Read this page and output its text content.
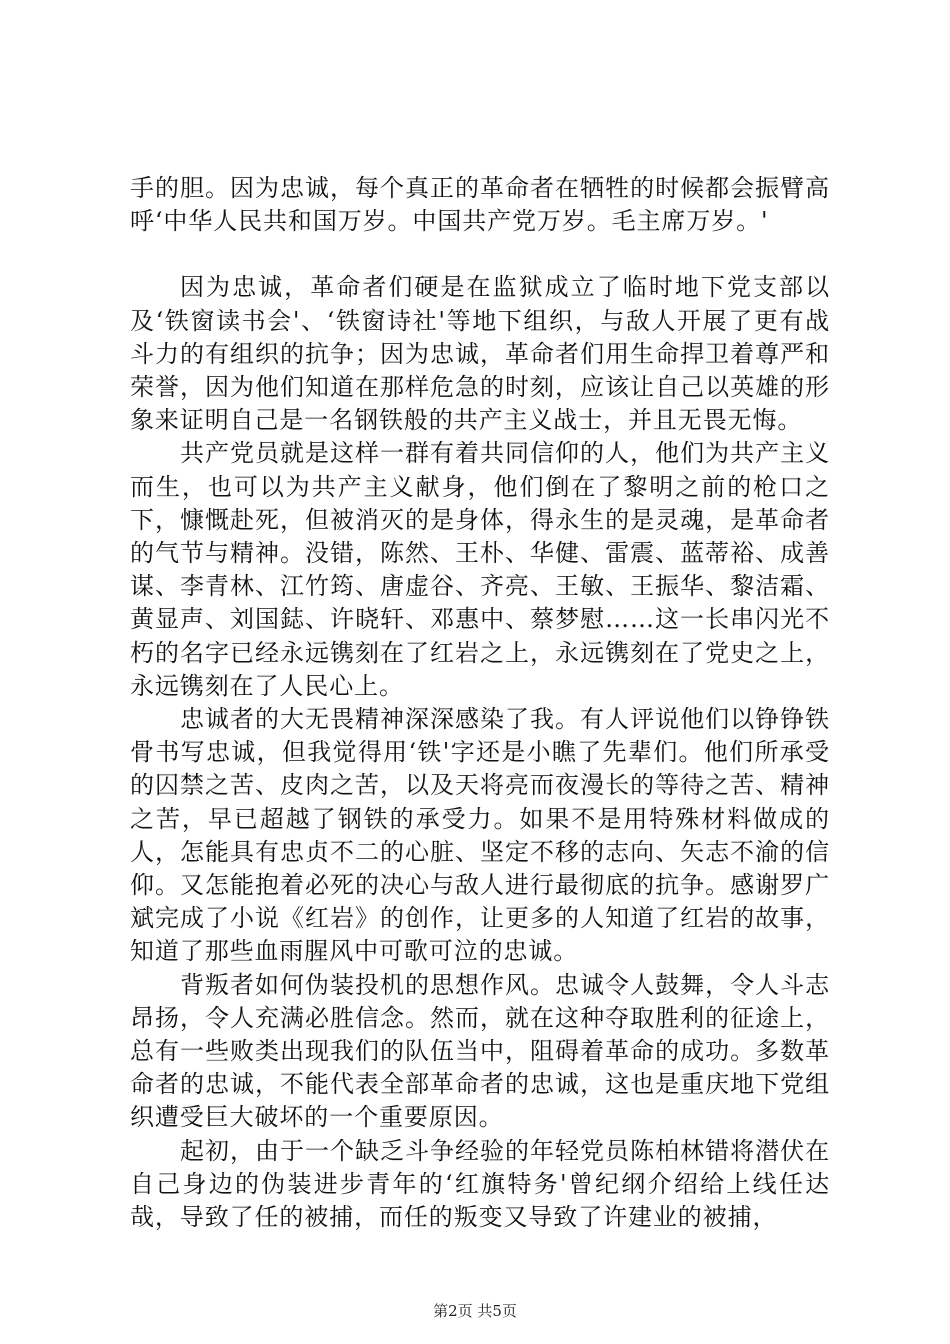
手的胆。因为忠诚，每个真正的革命者在牺牲的时候都会振臂高呼‘中华人民共和国万岁。中国共产党万岁。毛主席万岁。'

因为忠诚，革命者们硬是在监狱成立了临时地下党支部以及‘铁窗读书会'、‘铁窗诗社'等地下组织，与敌人开展了更有战斗力的有组织的抗争；因为忠诚，革命者们用生命捍卫着尊严和荣誉，因为他们知道在那样危急的时刻，应该让自己以英雄的形象来证明自己是一名钢铁般的共产主义战士，并且无畏无悔。

共产党员就是这样一群有着共同信仰的人，他们为共产主义而生，也可以为共产主义献身，他们倒在了黎明之前的枪口之下，慷慨赴死，但被消灭的是身体，得永生的是灵魂，是革命者的气节与精神。没错，陈然、王朴、华健、雷震、蓝蒂裕、成善谋、李青林、江竹筠、唐虚谷、齐亮、王敏、王振华、黎洁霜、黄显声、刘国鋕、许晓轩、邓惠中、蔡梦慰……这一长串闪光不朽的名字已经永远镌刻在了红岩之上，永远镌刻在了党史之上，永远镌刻在了人民心上。

忠诚者的大无畏精神深深感染了我。有人评说他们以铮铮铁骨书写忠诚，但我觉得用‘铁'字还是小瞧了先辈们。他们所承受的囚禁之苦、皮肉之苦，以及天将亮而夜漫长的等待之苦、精神之苦，早已超越了钢铁的承受力。如果不是用特殊材料做成的人，怎能具有忠贞不二的心脏、坚定不移的志向、矢志不渝的信仰。又怎能抱着必死的决心与敌人进行最彻底的抗争。感谢罗广斌完成了小说《红岩》的创作，让更多的人知道了红岩的故事，知道了那些血雨腥风中可歌可泣的忠诚。

背叛者如何伪装投机的思想作风。忠诚令人鼓舞，令人斗志昂扬，令人充满必胜信念。然而，就在这种夺取胜利的征途上，总有一些败类出现我们的队伍当中，阻碍着革命的成功。多数革命者的忠诚，不能代表全部革命者的忠诚，这也是重庆地下党组织遭受巨大破坏的一个重要原因。

起初，由于一个缺乏斗争经验的年轻党员陈柏林错将潜伏在自己身边的伪装进步青年的‘红旗特务'曾纪纲介绍给上线任达哉，导致了任的被捕，而任的叛变又导致了许建业的被捕，

第2页 共5页
